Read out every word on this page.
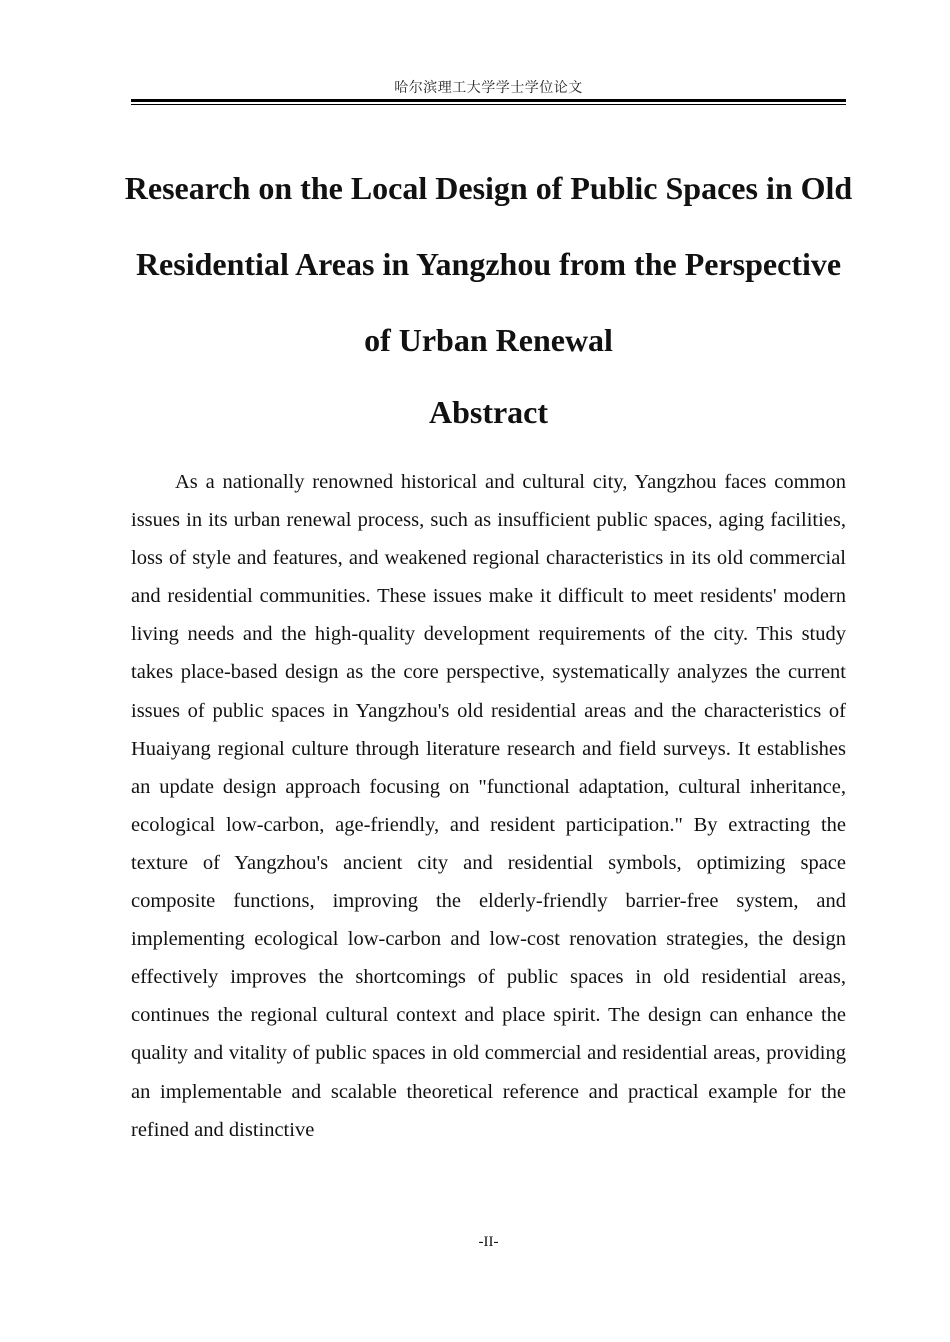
哈尔滨理工大学学士学位论文
Research on the Local Design of Public Spaces in Old Residential Areas in Yangzhou from the Perspective of Urban Renewal
Abstract

As a nationally renowned historical and cultural city, Yangzhou faces common issues in its urban renewal process, such as insufficient public spaces, aging facilities, loss of style and features, and weakened regional characteristics in its old commercial and residential communities. These issues make it difficult to meet residents' modern living needs and the high-quality development requirements of the city. This study takes place-based design as the core perspective, systematically analyzes the current issues of public spaces in Yangzhou's old residential areas and the characteristics of Huaiyang regional culture through literature research and field surveys. It establishes an update design approach focusing on "functional adaptation, cultural inheritance, ecological low-carbon, age-friendly, and resident participation." By extracting the texture of Yangzhou's ancient city and residential symbols, optimizing space composite functions, improving the elderly-friendly barrier-free system, and implementing ecological low-carbon and low-cost renovation strategies, the design effectively improves the shortcomings of public spaces in old residential areas, continues the regional cultural context and place spirit. The design can enhance the quality and vitality of public spaces in old commercial and residential areas, providing an implementable and scalable theoretical reference and practical example for the refined and distinctive

-II-
